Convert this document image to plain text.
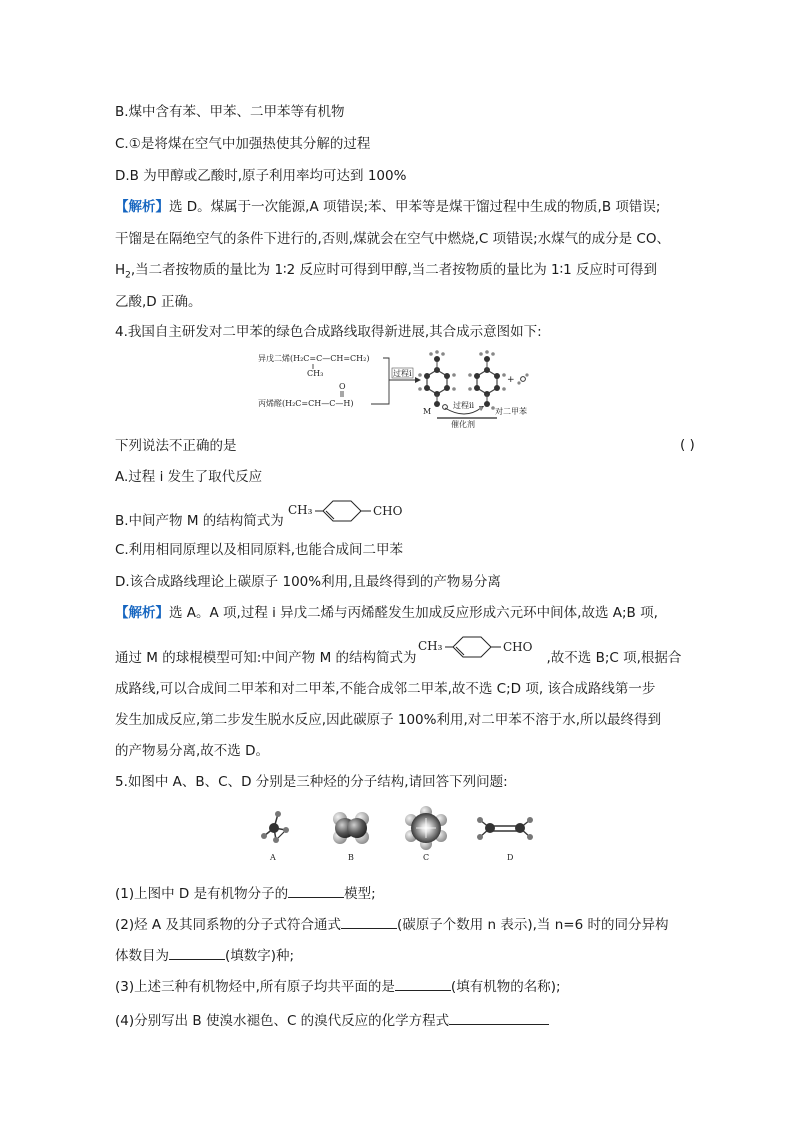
B.煤中含有苯、甲苯、二甲苯等有机物
C.①是将煤在空气中加强热使其分解的过程
D.B 为甲醇或乙酸时,原子利用率均可达到 100%
【解析】选 D。煤属于一次能源,A 项错误;苯、甲苯等是煤干馏过程中生成的物质,B 项错误;
干馏是在隔绝空气的条件下进行的,否则,煤就会在空气中燃烧,C 项错误;水煤气的成分是 CO、
$H_2$,当二者按物质的量比为 1∶2 反应时可得到甲醇,当二者按物质的量比为 1∶1 反应时可得到
乙酸,D 正确。
4.我国自主研发对二甲苯的绿色合成路线取得新进展,其合成示意图如下:
异戊二烯(H₂C=C—CH=CH₂)
CH₃
O
丙烯醛(H₂C=CH—C—H)
过程i
M
过程ii
催化剂
+
对二甲苯
下列说法不正确的是	( )
A.过程 i 发生了取代反应
B.中间产物 M 的结构简式为
CH₃	CHO
C.利用相同原理以及相同原料,也能合成间二甲苯
D.该合成路线理论上碳原子 100%利用,且最终得到的产物易分离
【解析】选 A。A 项,过程 i 异戊二烯与丙烯醛发生加成反应形成六元环中间体,故选 A;B 项,
通过 M 的球棍模型可知:中间产物 M 的结构简式为	,故不选 B;C 项,根据合
CH₃	CHO
成路线,可以合成间二甲苯和对二甲苯,不能合成邻二甲苯,故不选 C;D 项, 该合成路线第一步
发生加成反应,第二步发生脱水反应,因此碳原子 100%利用,对二甲苯不溶于水,所以最终得到
的产物易分离,故不选 D。
5.如图中 A、B、C、D 分别是三种烃的分子结构,请回答下列问题:
A	B	C	D
(1)上图中 D 是有机物分子的	模型;
(2)烃 A 及其同系物的分子式符合通式	(碳原子个数用 n 表示),当 n=6 时的同分异构
体数目为	(填数字)种;
(3)上述三种有机物烃中,所有原子均共平面的是	(填有机物的名称);
(4)分别写出 B 使溴水褪色、C 的溴代反应的化学方程式
